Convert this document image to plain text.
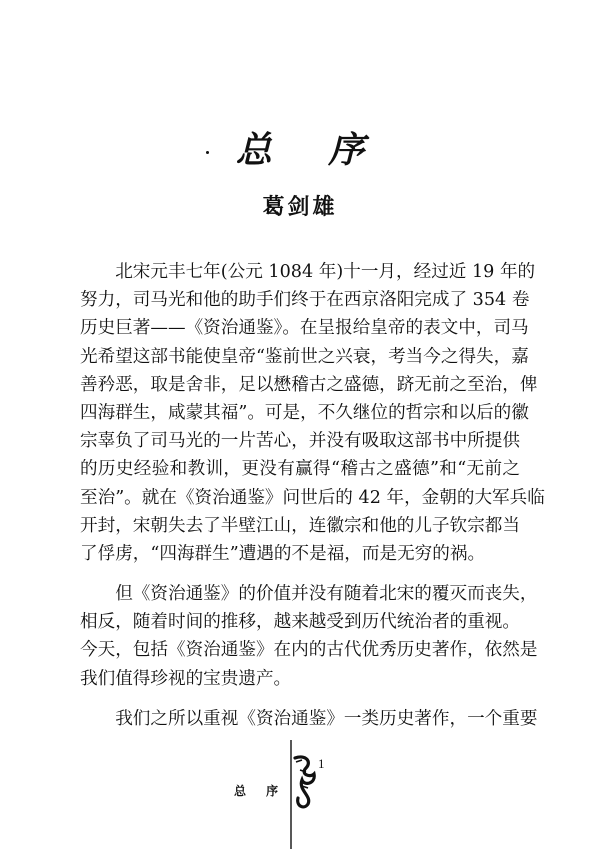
总 序
葛剑雄
　　北宋元丰七年(公元 1084 年)十一月，经过近 19 年的
努力，司马光和他的助手们终于在西京洛阳完成了 354 卷
历史巨著——《资治通鉴》。在呈报给皇帝的表文中，司马
光希望这部书能使皇帝“鉴前世之兴衰，考当今之得失，嘉
善矜恶，取是舍非，足以懋稽古之盛德，跻无前之至治，俾
四海群生，咸蒙其福”。可是，不久继位的哲宗和以后的徽
宗辜负了司马光的一片苦心，并没有吸取这部书中所提供
的历史经验和教训，更没有赢得“稽古之盛德”和“无前之
至治”。就在《资治通鉴》问世后的 42 年，金朝的大军兵临
开封，宋朝失去了半壁江山，连徽宗和他的儿子钦宗都当
了俘虏，“四海群生”遭遇的不是福，而是无穷的祸。
　　但《资治通鉴》的价值并没有随着北宋的覆灭而丧失，
相反，随着时间的推移，越来越受到历代统治者的重视。
今天，包括《资治通鉴》在内的古代优秀历史著作，依然是
我们值得珍视的宝贵遗产。
　　我们之所以重视《资治通鉴》一类历史著作，一个重要
总 序
1
